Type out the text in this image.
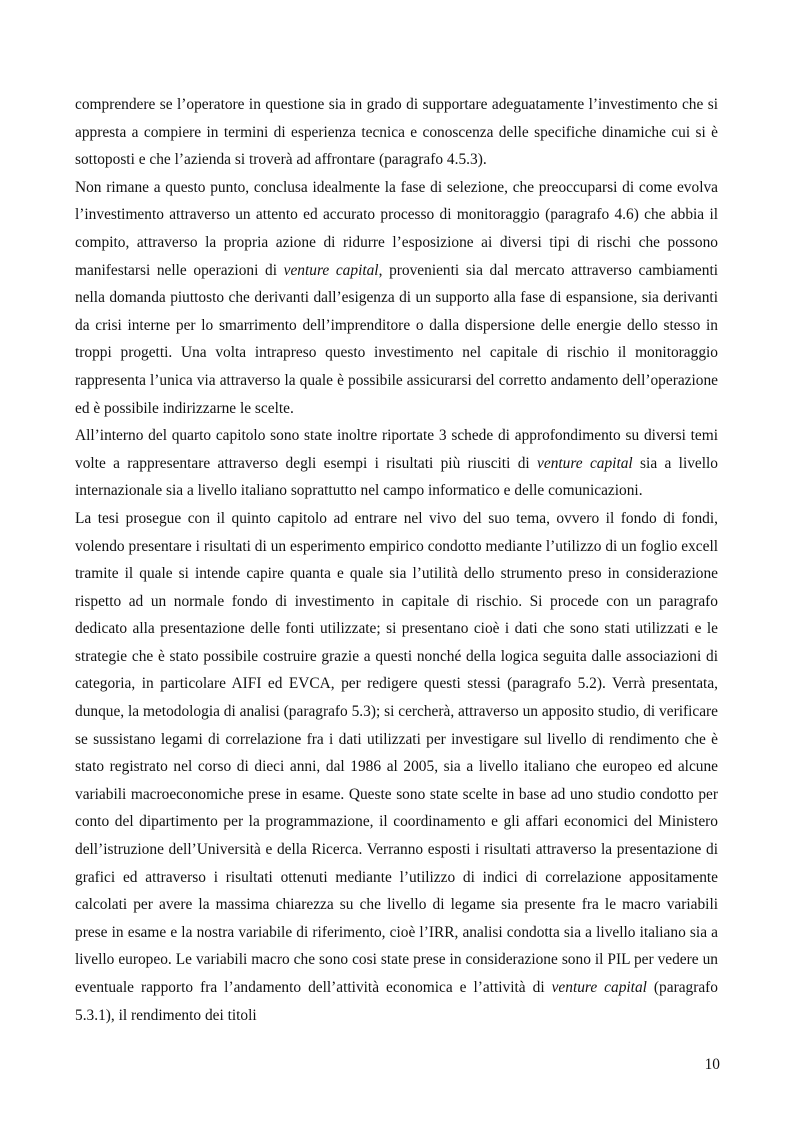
comprendere se l’operatore in questione sia in grado di supportare adeguatamente l’investimento che si appresta a compiere in termini di esperienza tecnica e conoscenza delle specifiche dinamiche cui si è sottoposti e che l’azienda si troverà ad affrontare (paragrafo 4.5.3).

Non rimane a questo punto, conclusa idealmente la fase di selezione, che preoccuparsi di come evolva l’investimento attraverso un attento ed accurato processo di monitoraggio (paragrafo 4.6) che abbia il compito, attraverso la propria azione di ridurre l’esposizione ai diversi tipi di rischi che possono manifestarsi nelle operazioni di venture capital, provenienti sia dal mercato attraverso cambiamenti nella domanda piuttosto che derivanti dall’esigenza di un supporto alla fase di espansione, sia derivanti da crisi interne per lo smarrimento dell’imprenditore o dalla dispersione delle energie dello stesso in troppi progetti. Una volta intrapreso questo investimento nel capitale di rischio il monitoraggio rappresenta l’unica via attraverso la quale è possibile assicurarsi del corretto andamento dell’operazione ed è possibile indirizzarne le scelte.

All’interno del quarto capitolo sono state inoltre riportate 3 schede di approfondimento su diversi temi volte a rappresentare attraverso degli esempi i risultati più riusciti di venture capital sia a livello internazionale sia a livello italiano soprattutto nel campo informatico e delle comunicazioni.

La tesi prosegue con il quinto capitolo ad entrare nel vivo del suo tema, ovvero il fondo di fondi, volendo presentare i risultati di un esperimento empirico condotto mediante l’utilizzo di un foglio excell tramite il quale si intende capire quanta e quale sia l’utilità dello strumento preso in considerazione rispetto ad un normale fondo di investimento in capitale di rischio. Si procede con un paragrafo dedicato alla presentazione delle fonti utilizzate; si presentano cioè i dati che sono stati utilizzati e le strategie che è stato possibile costruire grazie a questi nonché della logica seguita dalle associazioni di categoria, in particolare AIFI ed EVCA, per redigere questi stessi (paragrafo 5.2). Verrà presentata, dunque, la metodologia di analisi (paragrafo 5.3); si cercherà, attraverso un apposito studio, di verificare se sussistano legami di correlazione fra i dati utilizzati per investigare sul livello di rendimento che è stato registrato nel corso di dieci anni, dal 1986 al 2005, sia a livello italiano che europeo ed alcune variabili macroeconomiche prese in esame. Queste sono state scelte in base ad uno studio condotto per conto del dipartimento per la programmazione, il coordinamento e gli affari economici del Ministero dell’istruzione dell’Università e della Ricerca. Verranno esposti i risultati attraverso la presentazione di grafici ed attraverso i risultati ottenuti mediante l’utilizzo di indici di correlazione appositamente calcolati per avere la massima chiarezza su che livello di legame sia presente fra le macro variabili prese in esame e la nostra variabile di riferimento, cioè l’IRR, analisi condotta sia a livello italiano sia a livello europeo. Le variabili macro che sono cosi state prese in considerazione sono il PIL per vedere un eventuale rapporto fra l’andamento dell’attività economica e l’attività di venture capital (paragrafo 5.3.1), il rendimento dei titoli

10
